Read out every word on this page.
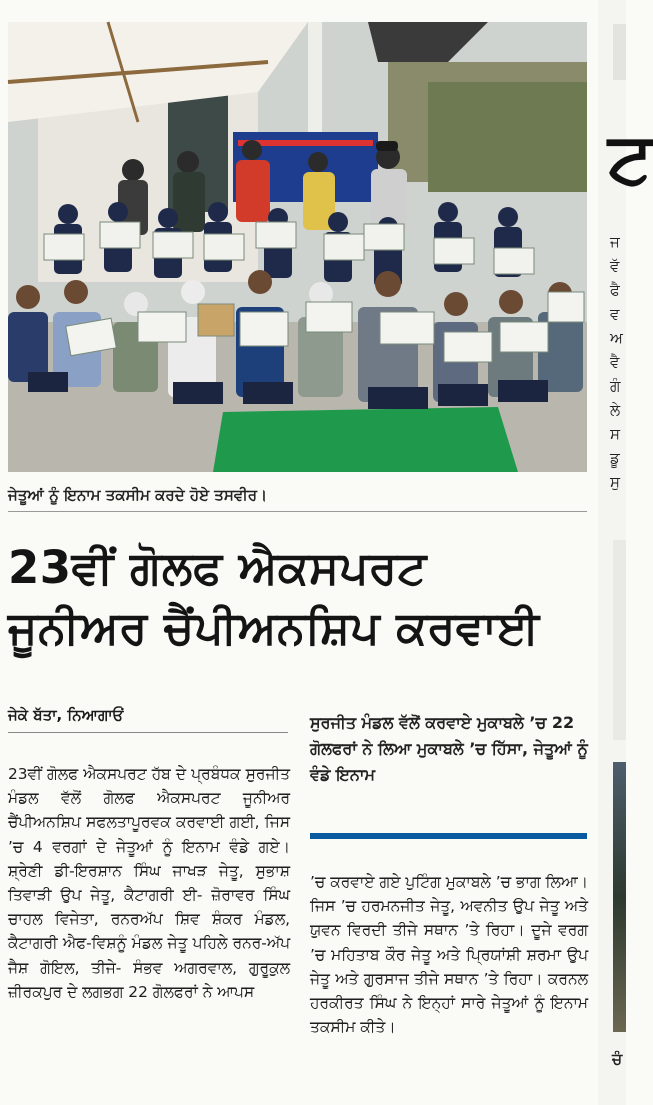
ਜੇਤੂਆਂ ਨੂੰ ਇਨਾਮ ਤਕਸੀਮ ਕਰਦੇ ਹੋਏ ਤਸਵੀਰ।
23ਵੀਂ ਗੋਲਫ ਐਕਸਪਰਟ
ਜੂਨੀਅਰ ਚੈਂਪੀਅਨਸ਼ਿਪ ਕਰਵਾਈ
ਜੇਕੇ ਬੱਤਾ, ਨਿਆਗਾਓਂ	ਸੁਰਜੀਤ ਮੰਡਲ ਵੱਲੋਂ ਕਰਵਾਏ ਮੁਕਾਬਲੇ ’ਚ 22 ਗੋਲਫਰਾਂ ਨੇ ਲਿਆ ਮੁਕਾਬਲੇ ’ਚ ਹਿੱਸਾ, ਜੇਤੂਆਂ ਨੂੰ ਵੰਡੇ ਇਨਾਮ
23ਵੀਂ ਗੋਲਫ ਐਕਸਪਰਟ ਹੱਬ ਦੇ ਪ੍ਰਬੰਧਕ ਸੁਰਜੀਤ ਮੰਡਲ ਵੱਲੋਂ ਗੋਲਫ ਐਕਸਪਰਟ ਜੂਨੀਅਰ ਚੈਂਪੀਅਨਸ਼ਿਪ ਸਫਲਤਾਪੂਰਵਕ ਕਰਵਾਈ ਗਈ, ਜਿਸ ’ਚ 4 ਵਰਗਾਂ ਦੇ ਜੇਤੂਆਂ ਨੂੰ ਇਨਾਮ ਵੰਡੇ ਗਏ। ਸ਼੍ਰੇਣੀ ਡੀ-ਇਰਸ਼ਾਨ ਸਿੰਘ ਜਾਖੜ ਜੇਤੂ, ਸੁਭਾਸ਼ ਤਿਵਾੜੀ ਉਪ ਜੇਤੂ, ਕੈਟਾਗਰੀ ਈ- ਜ਼ੋਰਾਵਰ ਸਿੰਘ ਚਾਹਲ ਵਿਜੇਤਾ, ਰਨਰਅੱਪ ਸ਼ਿਵ ਸ਼ੰਕਰ ਮੰਡਲ, ਕੈਟਾਗਰੀ ਐਫ-ਵਿਸ਼ਨੂੰ ਮੰਡਲ ਜੇਤੂ ਪਹਿਲੇ ਰਨਰ-ਅੱਪ ਜੈਸ਼ ਗੋਇਲ, ਤੀਜੇ- ਸੰਭਵ ਅਗਰਵਾਲ, ਗੁਰੂਕੁਲ ਜ਼ੀਰਕਪੁਰ ਦੇ ਲਗਭਗ 22 ਗੋਲਫਰਾਂ ਨੇ ਆਪਸ
’ਚ ਕਰਵਾਏ ਗਏ ਪੁਟਿੰਗ ਮੁਕਾਬਲੇ ’ਚ ਭਾਗ ਲਿਆ। ਜਿਸ ’ਚ ਹਰਮਨਜੀਤ ਜੇਤੂ, ਅਵਨੀਤ ਉਪ ਜੇਤੂ ਅਤੇ ਯੁਵਨ ਵਿਰਦੀ ਤੀਜੇ ਸਥਾਨ ’ਤੇ ਰਿਹਾ। ਦੂਜੇ ਵਰਗ ’ਚ ਮਹਿਤਾਬ ਕੌਰ ਜੇਤੂ ਅਤੇ ਪ੍ਰਿਯਾਂਸ਼ੀ ਸ਼ਰਮਾ ਉਪ ਜੇਤੂ ਅਤੇ ਗੁਰਸਾਜ ਤੀਜੇ ਸਥਾਨ ’ਤੇ ਰਿਹਾ। ਕਰਨਲ ਹਰਕੀਰਤ ਸਿੰਘ ਨੇ ਇਨ੍ਹਾਂ ਸਾਰੇ ਜੇਤੂਆਂ ਨੂੰ ਇਨਾਮ ਤਕਸੀਮ ਕੀਤੇ।
ਟ
ਜ
ਵੱ
ਫੈ
ਵ
ਅ
ਵੈ
ਗੰ
ਲੇ
ਸ
ਡੂ
ਸੁ
ਚੰ
